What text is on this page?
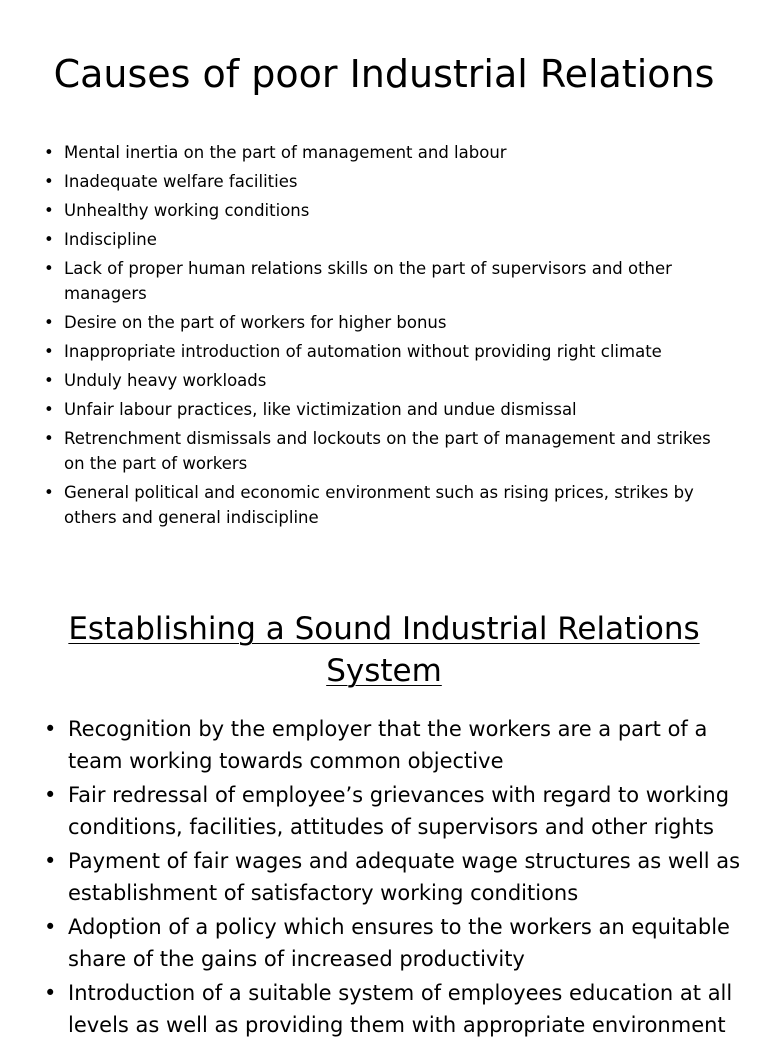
Causes of poor Industrial Relations
• Mental inertia on the part of management and labour
• Inadequate welfare facilities
• Unhealthy working conditions
• Indiscipline
• Lack of proper human relations skills on the part of supervisors and other managers
• Desire on the part of workers for higher bonus
• Inappropriate introduction of automation without providing right climate
• Unduly heavy workloads
• Unfair labour practices, like victimization and undue dismissal
• Retrenchment dismissals and lockouts on the part of management and strikes on the part of workers
• General political and economic environment such as rising prices, strikes by others and general indiscipline
Establishing a Sound Industrial Relations System
• Recognition by the employer that the workers are a part of a team working towards common objective
• Fair redressal of employee’s grievances with regard to working conditions, facilities, attitudes of supervisors and other rights
• Payment of fair wages and adequate wage structures as well as establishment of satisfactory working conditions
• Adoption of a policy which ensures to the workers an equitable share of the gains of increased productivity
• Introduction of a suitable system of employees education at all levels as well as providing them with appropriate environment
